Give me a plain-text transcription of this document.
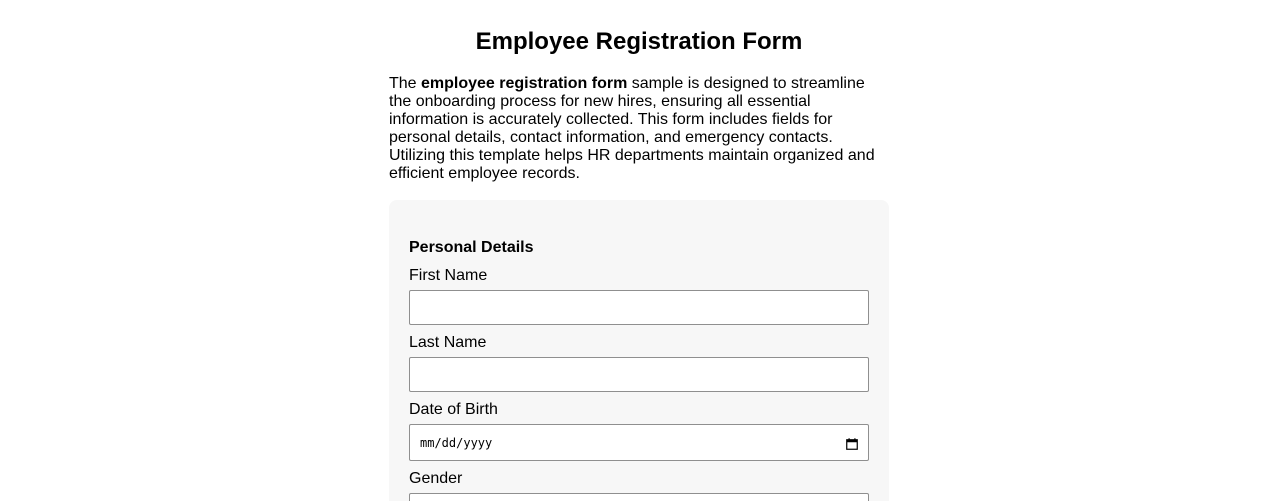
Employee Registration Form

The employee registration form sample is designed to streamline the onboarding process for new hires, ensuring all essential information is accurately collected. This form includes fields for personal details, contact information, and emergency contacts. Utilizing this template helps HR departments maintain organized and efficient employee records.

Personal Details
First Name
Last Name
Date of Birth
mm/dd/yyyy
Gender
